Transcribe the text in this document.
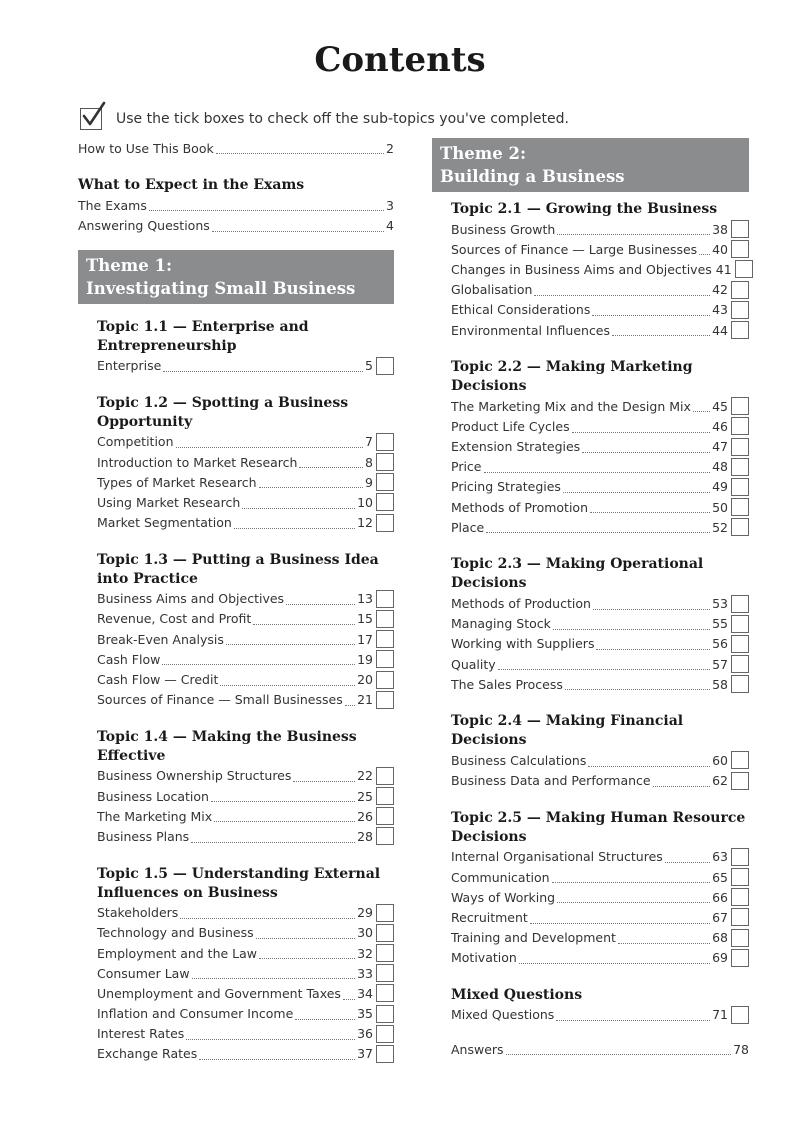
Contents
Use the tick boxes to check off the sub-topics you've completed.
How to Use This Book	2
What to Expect in the Exams
The Exams	3
Answering Questions	4
Theme 1:
Investigating Small Business
Topic 1.1 — Enterprise and Entrepreneurship
Enterprise	5
Topic 1.2 — Spotting a Business Opportunity
Competition	7
Introduction to Market Research	8
Types of Market Research	9
Using Market Research	10
Market Segmentation	12
Topic 1.3 — Putting a Business Idea into Practice
Business Aims and Objectives	13
Revenue, Cost and Profit	15
Break-Even Analysis	17
Cash Flow	19
Cash Flow — Credit	20
Sources of Finance — Small Businesses 21
Topic 1.4 — Making the Business Effective
Business Ownership Structures	22
Business Location	25
The Marketing Mix	26
Business Plans	28
Topic 1.5 — Understanding External Influences on Business
Stakeholders	29
Technology and Business	30
Employment and the Law	32
Consumer Law	33
Unemployment and Government Taxes 34
Inflation and Consumer Income	35
Interest Rates	36
Exchange Rates	37
Theme 2:
Building a Business
Topic 2.1 — Growing the Business
Business Growth	38
Sources of Finance — Large Businesses 40
Changes in Business Aims and Objectives 41
Globalisation	42
Ethical Considerations	43
Environmental Influences	44
Topic 2.2 — Making Marketing Decisions
The Marketing Mix and the Design Mix 45
Product Life Cycles	46
Extension Strategies	47
Price	48
Pricing Strategies	49
Methods of Promotion	50
Place	52
Topic 2.3 — Making Operational Decisions
Methods of Production	53
Managing Stock	55
Working with Suppliers	56
Quality	57
The Sales Process	58
Topic 2.4 — Making Financial Decisions
Business Calculations	60
Business Data and Performance	62
Topic 2.5 — Making Human Resource Decisions
Internal Organisational Structures	63
Communication	65
Ways of Working	66
Recruitment	67
Training and Development	68
Motivation	69
Mixed Questions
Mixed Questions	71
Answers	78
